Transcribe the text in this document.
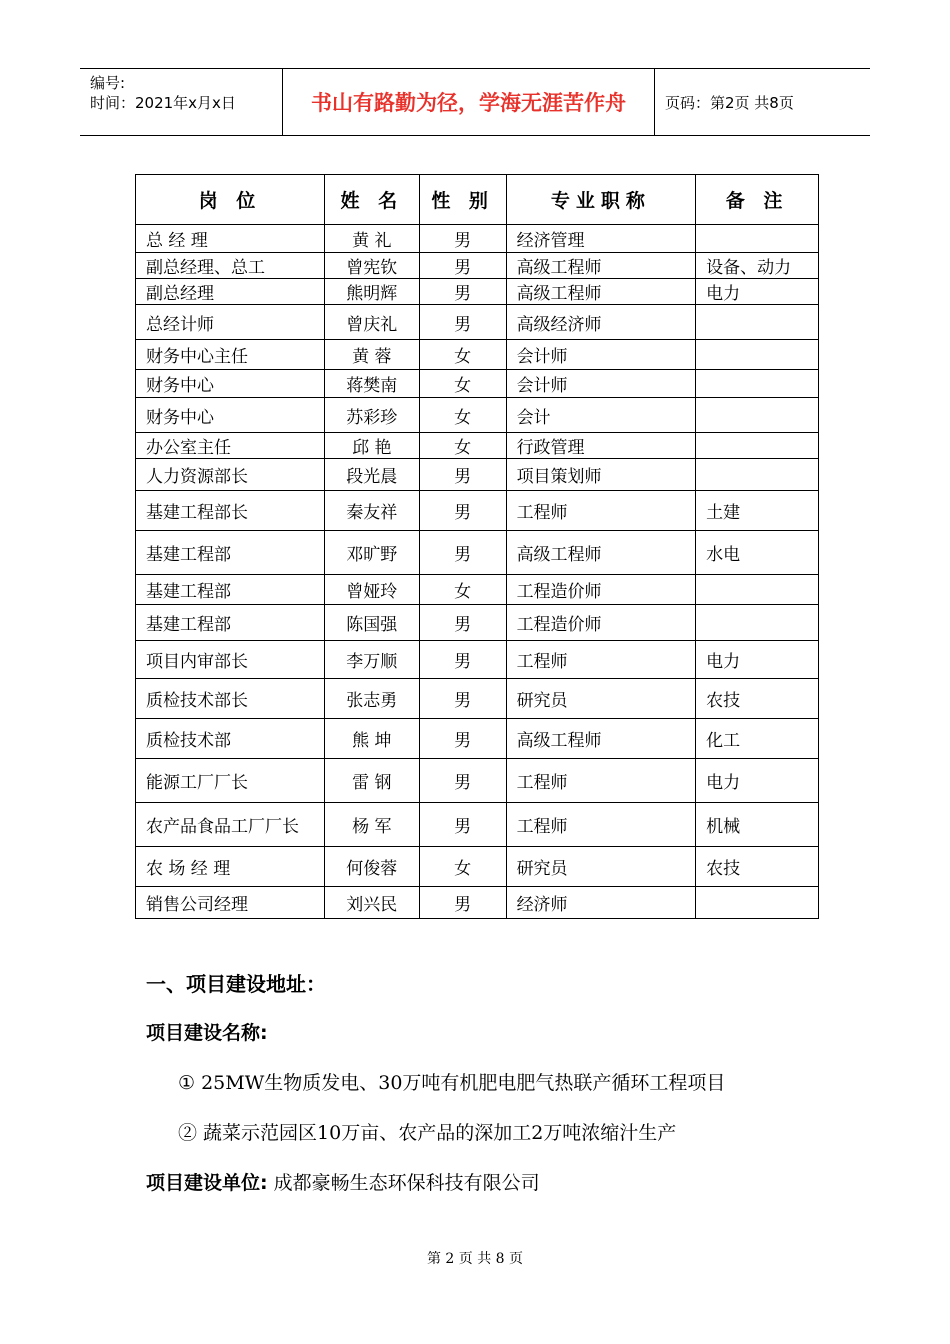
编号:
时间：2021年x月x日	书山有路勤为径，学海无涯苦作舟	页码：第2页 共8页
岗 位	姓 名	性 别	专业职称	备 注
总 经 理	黄 礼	男	经济管理	
副总经理、总工	曾宪钦	男	高级工程师	设备、动力
副总经理	熊明辉	男	高级工程师	电力
总经计师	曾庆礼	男	高级经济师	
财务中心主任	黄 蓉	女	会计师	
财务中心	蒋樊南	女	会计师	
财务中心	苏彩珍	女	会计	
办公室主任	邱 艳	女	行政管理	
人力资源部长	段光晨	男	项目策划师	
基建工程部长	秦友祥	男	工程师	土建
基建工程部	邓旷野	男	高级工程师	水电
基建工程部	曾娅玲	女	工程造价师	
基建工程部	陈国强	男	工程造价师	
项目内审部长	李万顺	男	工程师	电力
质检技术部长	张志勇	男	研究员	农技
质检技术部	熊 坤	男	高级工程师	化工
能源工厂厂长	雷 钢	男	工程师	电力
农产品食品工厂厂长	杨 军	男	工程师	机械
农 场 经 理	何俊蓉	女	研究员	农技
销售公司经理	刘兴民	男	经济师	
一、项目建设地址：
项目建设名称:
① 25MW生物质发电、30万吨有机肥电肥气热联产循环工程项目
② 蔬菜示范园区10万亩、农产品的深加工2万吨浓缩汁生产
项目建设单位: 成都豪畅生态环保科技有限公司
第 2 页 共 8 页
